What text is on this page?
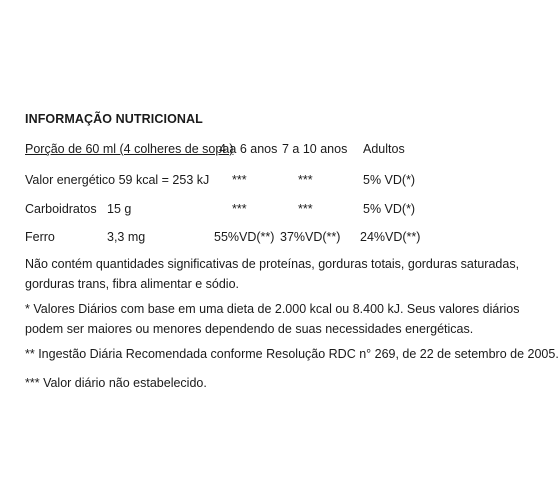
INFORMAÇÃO NUTRICIONAL
Porção de 60 ml (4 colheres de sopa)
4 a 6 anos 7 a 10 anos Adultos
Valor energético 59 kcal = 253 kJ ***	***	5% VD(*)
Carboidratos 15 g	***	***	5% VD(*)
Ferro	3,3 mg	55%VD(**) 37%VD(**) 24%VD(**)
Não contém quantidades significativas de proteínas, gorduras totais, gorduras saturadas,
gorduras trans, fibra alimentar e sódio.
* Valores Diários com base em uma dieta de 2.000 kcal ou 8.400 kJ. Seus valores diários
podem ser maiores ou menores dependendo de suas necessidades energéticas.
** Ingestão Diária Recomendada conforme Resolução RDC n° 269, de 22 de setembro de 2005.
*** Valor diário não estabelecido.
